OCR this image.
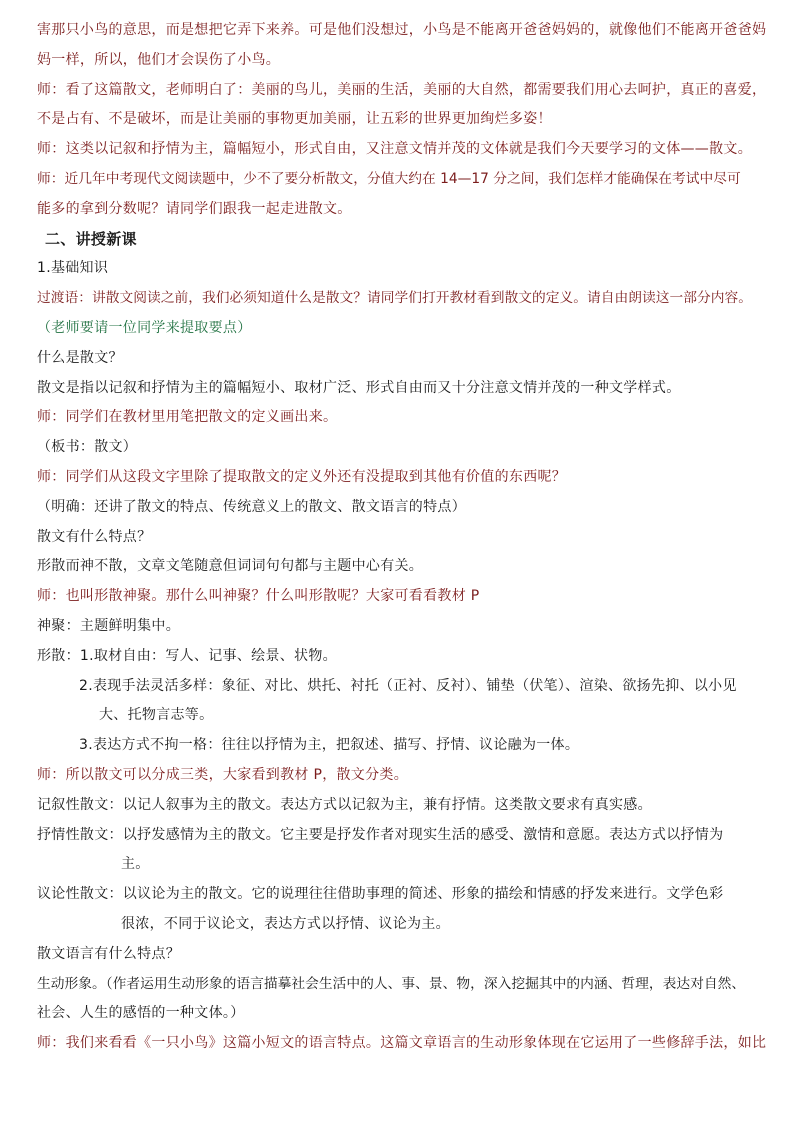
害那只小鸟的意思，而是想把它弄下来养。可是他们没想过，小鸟是不能离开爸爸妈妈的，就像他们不能离开爸爸妈
妈一样，所以，他们才会误伤了小鸟。
师：看了这篇散文，老师明白了：美丽的鸟儿，美丽的生活，美丽的大自然，都需要我们用心去呵护，真正的喜爱，
不是占有、不是破坏，而是让美丽的事物更加美丽，让五彩的世界更加绚烂多姿！
师：这类以记叙和抒情为主，篇幅短小，形式自由，又注意文情并茂的文体就是我们今天要学习的文体——散文。
师：近几年中考现代文阅读题中，少不了要分析散文，分值大约在 14—17 分之间，我们怎样才能确保在考试中尽可
能多的拿到分数呢？请同学们跟我一起走进散文。
二、讲授新课
1.基础知识
过渡语：讲散文阅读之前，我们必须知道什么是散文？请同学们打开教材看到散文的定义。请自由朗读这一部分内容。
（老师要请一位同学来提取要点）
什么是散文？
散文是指以记叙和抒情为主的篇幅短小、取材广泛、形式自由而又十分注意文情并茂的一种文学样式。
师：同学们在教材里用笔把散文的定义画出来。
（板书：散文）
师：同学们从这段文字里除了提取散文的定义外还有没提取到其他有价值的东西呢？
（明确：还讲了散文的特点、传统意义上的散文、散文语言的特点）
散文有什么特点？
形散而神不散，文章文笔随意但词词句句都与主题中心有关。
师：也叫形散神聚。那什么叫神聚？什么叫形散呢？大家可看看教材 P
神聚：主题鲜明集中。
形散：1.取材自由：写人、记事、绘景、状物。
2.表现手法灵活多样：象征、对比、烘托、衬托（正衬、反衬）、铺垫（伏笔）、渲染、欲扬先抑、以小见
大、托物言志等。
3.表达方式不拘一格：往往以抒情为主，把叙述、描写、抒情、议论融为一体。
师：所以散文可以分成三类，大家看到教材 P，散文分类。
记叙性散文：以记人叙事为主的散文。表达方式以记叙为主，兼有抒情。这类散文要求有真实感。
抒情性散文：以抒发感情为主的散文。它主要是抒发作者对现实生活的感受、激情和意愿。表达方式以抒情为
主。
议论性散文：以议论为主的散文。它的说理往往借助事理的简述、形象的描绘和情感的抒发来进行。文学色彩
很浓，不同于议论文，表达方式以抒情、议论为主。
散文语言有什么特点？
生动形象。（作者运用生动形象的语言描摹社会生活中的人、事、景、物，深入挖掘其中的内涵、哲理，表达对自然、
社会、人生的感悟的一种文体。）
师：我们来看看《一只小鸟》这篇小短文的语言特点。这篇文章语言的生动形象体现在它运用了一些修辞手法，如比
